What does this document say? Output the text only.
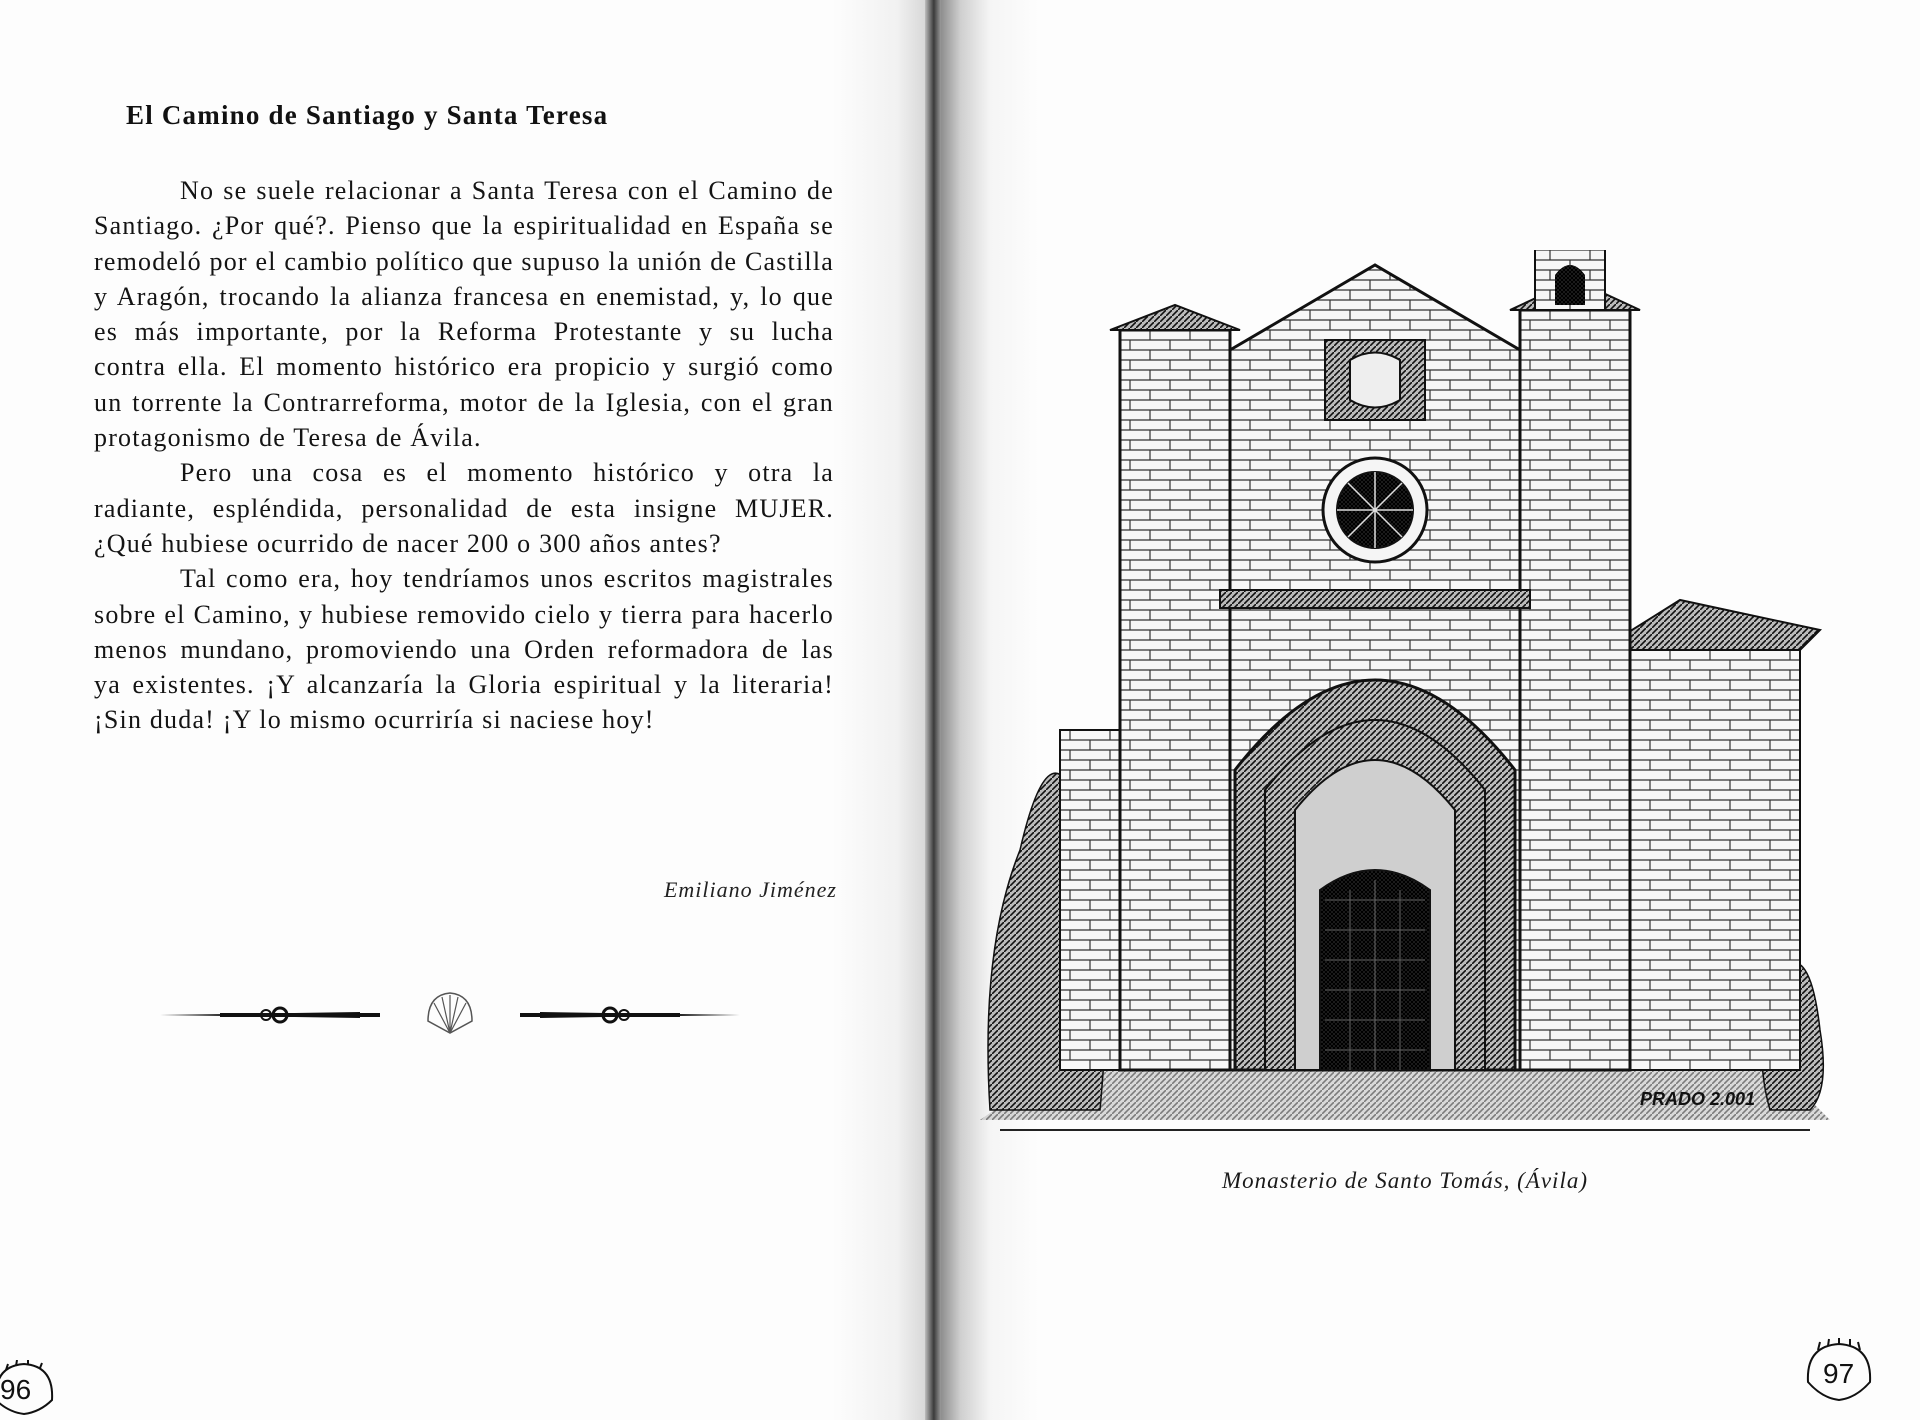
El Camino de Santiago y Santa Teresa

No se suele relacionar a Santa Teresa con el Camino de Santiago. ¿Por qué?. Pienso que la espiritualidad en España se remodeló por el cambio político que supuso la unión de Castilla y Aragón, trocando la alianza francesa en enemistad, y, lo que es más importante, por la Reforma Protestante y su lucha contra ella. El momento histórico era propicio y surgió como un torrente la Contrarreforma, motor de la Iglesia, con el gran protagonismo de Teresa de Ávila.

Pero una cosa es el momento histórico y otra la radiante, espléndida, personalidad de esta insigne MUJER. ¿Qué hubiese ocurrido de nacer 200 o 300 años antes?

Tal como era, hoy tendríamos unos escritos magistrales sobre el Camino, y hubiese removido cielo y tierra para hacerlo menos mundano, promoviendo una Orden reformadora de las ya existentes. ¡Y alcanzaría la Gloria espiritual y la literaria! ¡Sin duda! ¡Y lo mismo ocurriría si naciese hoy!

Emiliano Jiménez
96
PRADO 2.001
Monasterio de Santo Tomás, (Ávila)
97
